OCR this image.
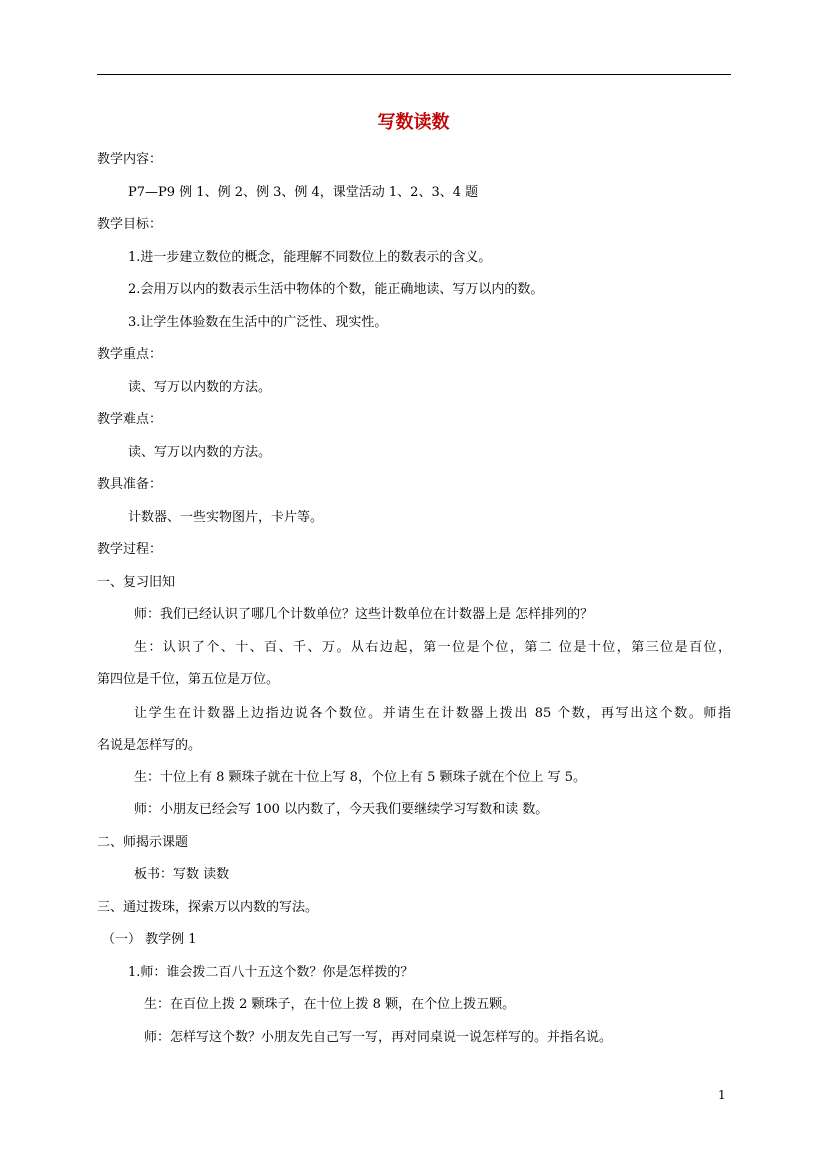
写数读数
教学内容：
P7—P9 例 1、例 2、例 3、例 4，课堂活动 1、2、3、4 题
教学目标：
1.进一步建立数位的概念，能理解不同数位上的数表示的含义。
2.会用万以内的数表示生活中物体的个数，能正确地读、写万以内的数。
3.让学生体验数在生活中的广泛性、现实性。
教学重点：
读、写万以内数的方法。
教学难点：
读、写万以内数的方法。
教具准备：
计数器、一些实物图片，卡片等。
教学过程：
一、复习旧知
师：我们已经认识了哪几个计数单位？这些计数单位在计数器上是 怎样排列的？
生：认识了个、十、百、千、万。从右边起，第一位是个位，第二 位是十位，第三位是百位，
第四位是千位，第五位是万位。
让学生在计数器上边指边说各个数位。并请生在计数器上拨出 85 个数，再写出这个数。师指
名说是怎样写的。
生：十位上有 8 颗珠子就在十位上写 8，个位上有 5 颗珠子就在个位上 写 5。
师：小朋友已经会写 100 以内数了，今天我们要继续学习写数和读 数。
二、师揭示课题
板书：写数 读数
三、通过拨珠，探索万以内数的写法。
（一） 教学例 1
1.师：谁会拨二百八十五这个数？你是怎样拨的？
生：在百位上拨 2 颗珠子，在十位上拨 8 颗，在个位上拨五颗。
师：怎样写这个数？小朋友先自己写一写，再对同桌说一说怎样写的。并指名说。
1
